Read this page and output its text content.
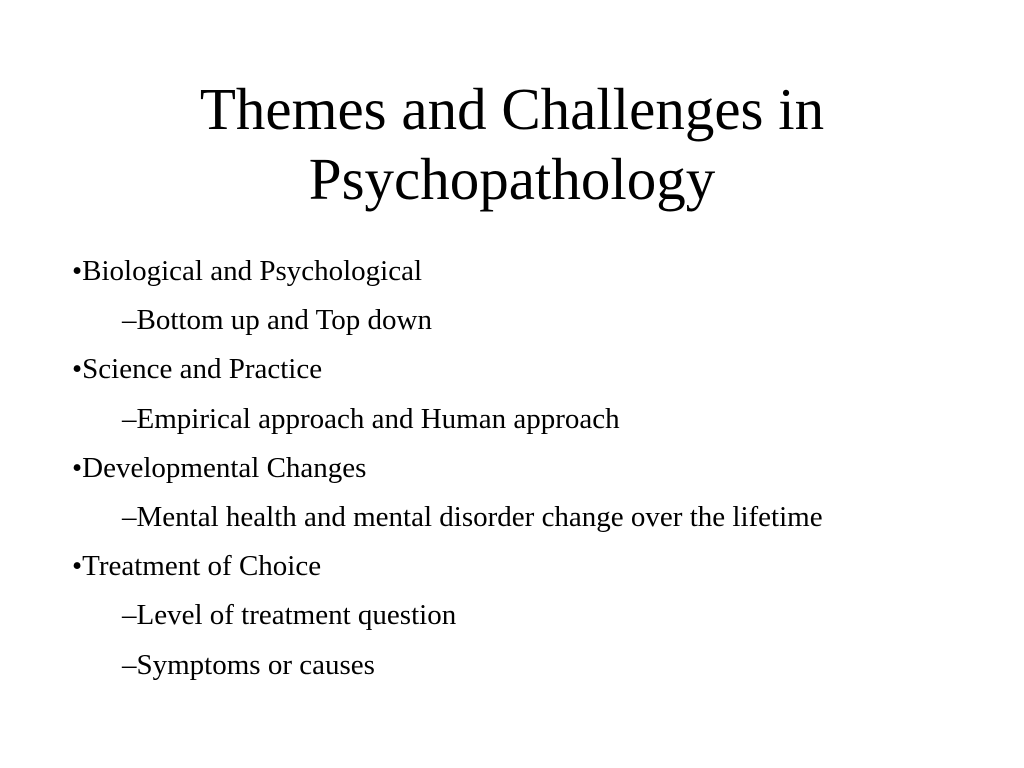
Themes and Challenges in
Psychopathology
•Biological and Psychological
–Bottom up and Top down
•Science and Practice
–Empirical approach and Human approach
•Developmental Changes
–Mental health and mental disorder change over the lifetime
•Treatment of Choice
–Level of treatment question
–Symptoms or causes
